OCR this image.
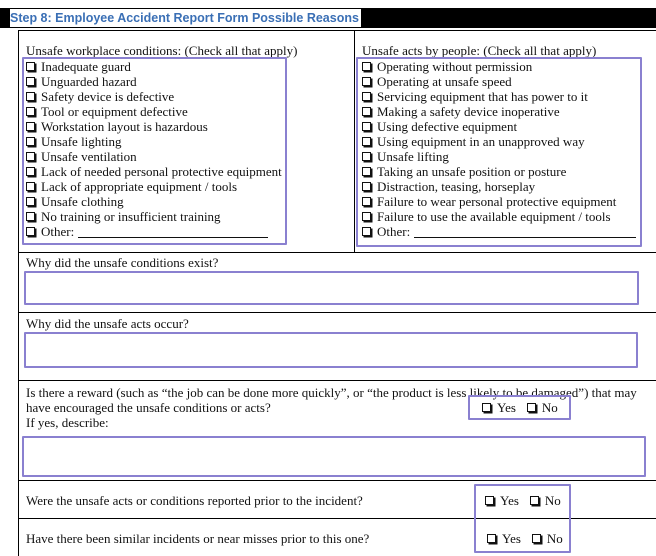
Step 8: Employee Accident Report Form Possible Reasons
Unsafe workplace conditions: (Check all that apply)
Inadequate guard
Unguarded hazard
Safety device is defective
Tool or equipment defective
Workstation layout is hazardous
Unsafe lighting
Unsafe ventilation
Lack of needed personal protective equipment
Lack of appropriate equipment / tools
Unsafe clothing
No training or insufficient training
Other:
Unsafe acts by people: (Check all that apply)
Operating without permission
Operating at unsafe speed
Servicing equipment that has power to it
Making a safety device inoperative
Using defective equipment
Using equipment in an unapproved way
Unsafe lifting
Taking an unsafe position or posture
Distraction, teasing, horseplay
Failure to wear personal protective equipment
Failure to use the available equipment / tools
Other:
Why did the unsafe conditions exist?
Why did the unsafe acts occur?
Is there a reward (such as “the job can be done more quickly”, or “the product is less likely to be damaged”) that may
have encouraged the unsafe conditions or acts?
If yes, describe:
Yes No
Were the unsafe acts or conditions reported prior to the incident?
Have there been similar incidents or near misses prior to this one?
Yes No
Yes No
